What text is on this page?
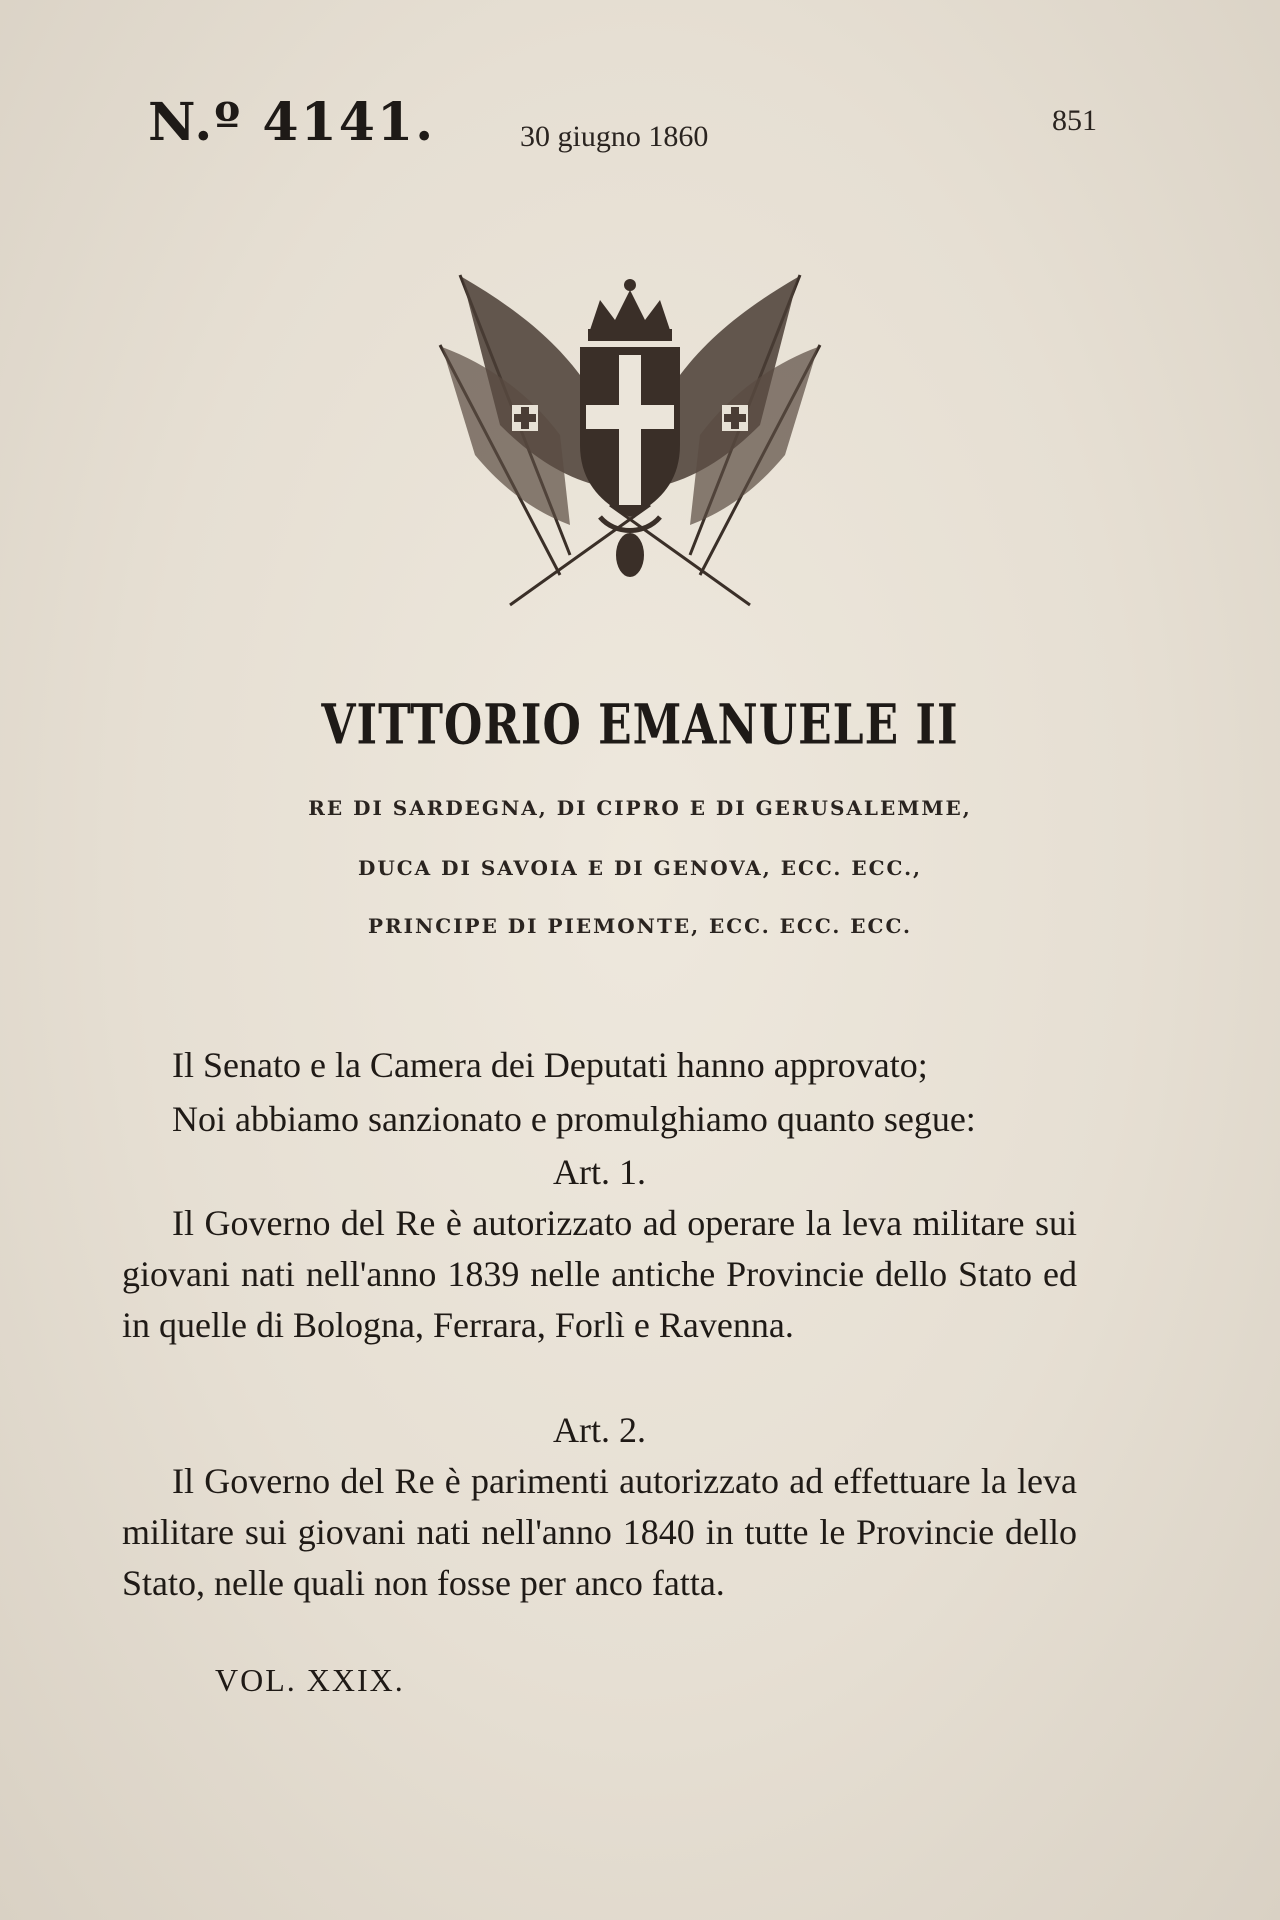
N.º 4141.	30 giugno 1860	851
VITTORIO EMANUELE II
RE DI SARDEGNA, DI CIPRO E DI GERUSALEMME,
DUCA DI SAVOIA E DI GENOVA, ECC. ECC.,
PRINCIPE DI PIEMONTE, ECC. ECC. ECC.
Il Senato e la Camera dei Deputati hanno approvato;
Noi abbiamo sanzionato e promulghiamo quanto segue:
Art. 1.
Il Governo del Re è autorizzato ad operare la leva militare sui giovani nati nell'anno 1839 nelle antiche Provincie dello Stato ed in quelle di Bologna, Ferrara, Forlì e Ravenna.
Art. 2.
Il Governo del Re è parimenti autorizzato ad effettuare la leva militare sui giovani nati nell'anno 1840 in tutte le Provincie dello Stato, nelle quali non fosse per anco fatta.
VOL. XXIX.
